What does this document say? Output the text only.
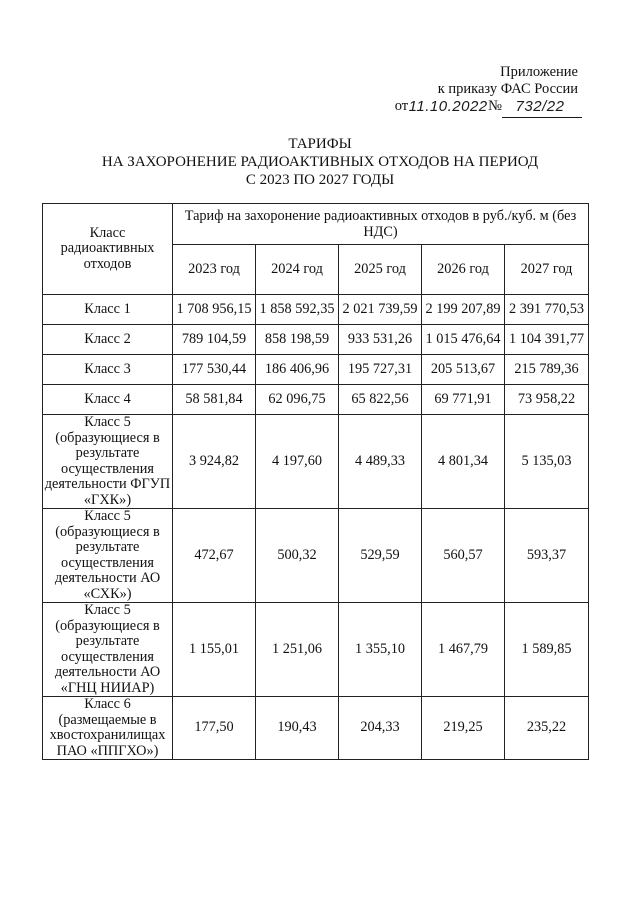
Приложение
к приказу ФАС России
от 11.10.2022 № 732/22
ТАРИФЫ
НА ЗАХОРОНЕНИЕ РАДИОАКТИВНЫХ ОТХОДОВ НА ПЕРИОД
С 2023 ПО 2027 ГОДЫ
Класс радиоактивных отходов	Тариф на захоронение радиоактивных отходов в руб./куб. м (без НДС)				
	2023 год	2024 год	2025 год	2026 год	2027 год
Класс 1	1 708 956,15	1 858 592,35	2 021 739,59	2 199 207,89	2 391 770,53
Класс 2	789 104,59	858 198,59	933 531,26	1 015 476,64	1 104 391,77
Класс 3	177 530,44	186 406,96	195 727,31	205 513,67	215 789,36
Класс 4	58 581,84	62 096,75	65 822,56	69 771,91	73 958,22
Класс 5 (образующиеся в результате осуществления деятельности ФГУП «ГХК»)	3 924,82	4 197,60	4 489,33	4 801,34	5 135,03
Класс 5 (образующиеся в результате осуществления деятельности АО «СХК»)	472,67	500,32	529,59	560,57	593,37
Класс 5 (образующиеся в результате осуществления деятельности АО «ГНЦ НИИАР)	1 155,01	1 251,06	1 355,10	1 467,79	1 589,85
Класс 6 (размещаемые в хвостохранилищах ПАО «ППГХО»)	177,50	190,43	204,33	219,25	235,22
